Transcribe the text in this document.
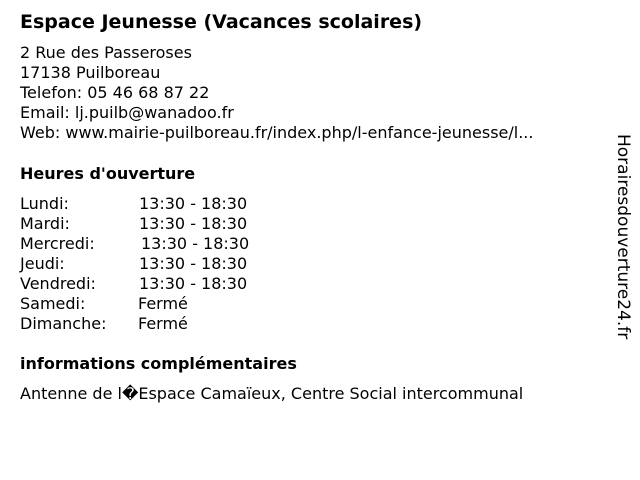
Espace Jeunesse (Vacances scolaires)
2 Rue des Passeroses
17138 Puilboreau
Telefon: 05 46 68 87 22
Email: lj.puilb@wanadoo.fr
Web: www.mairie-puilboreau.fr/index.php/l-enfance-jeunesse/l...
Heures d'ouverture
Lundi:	13:30 - 18:30
Mardi:	13:30 - 18:30
Mercredi:	13:30 - 18:30
Jeudi:	13:30 - 18:30
Vendredi:	13:30 - 18:30
Samedi:	Fermé
Dimanche: Fermé
informations complémentaires
Antenne de l�Espace Camaïeux, Centre Social intercommunal
Horairesdouverture24.fr
